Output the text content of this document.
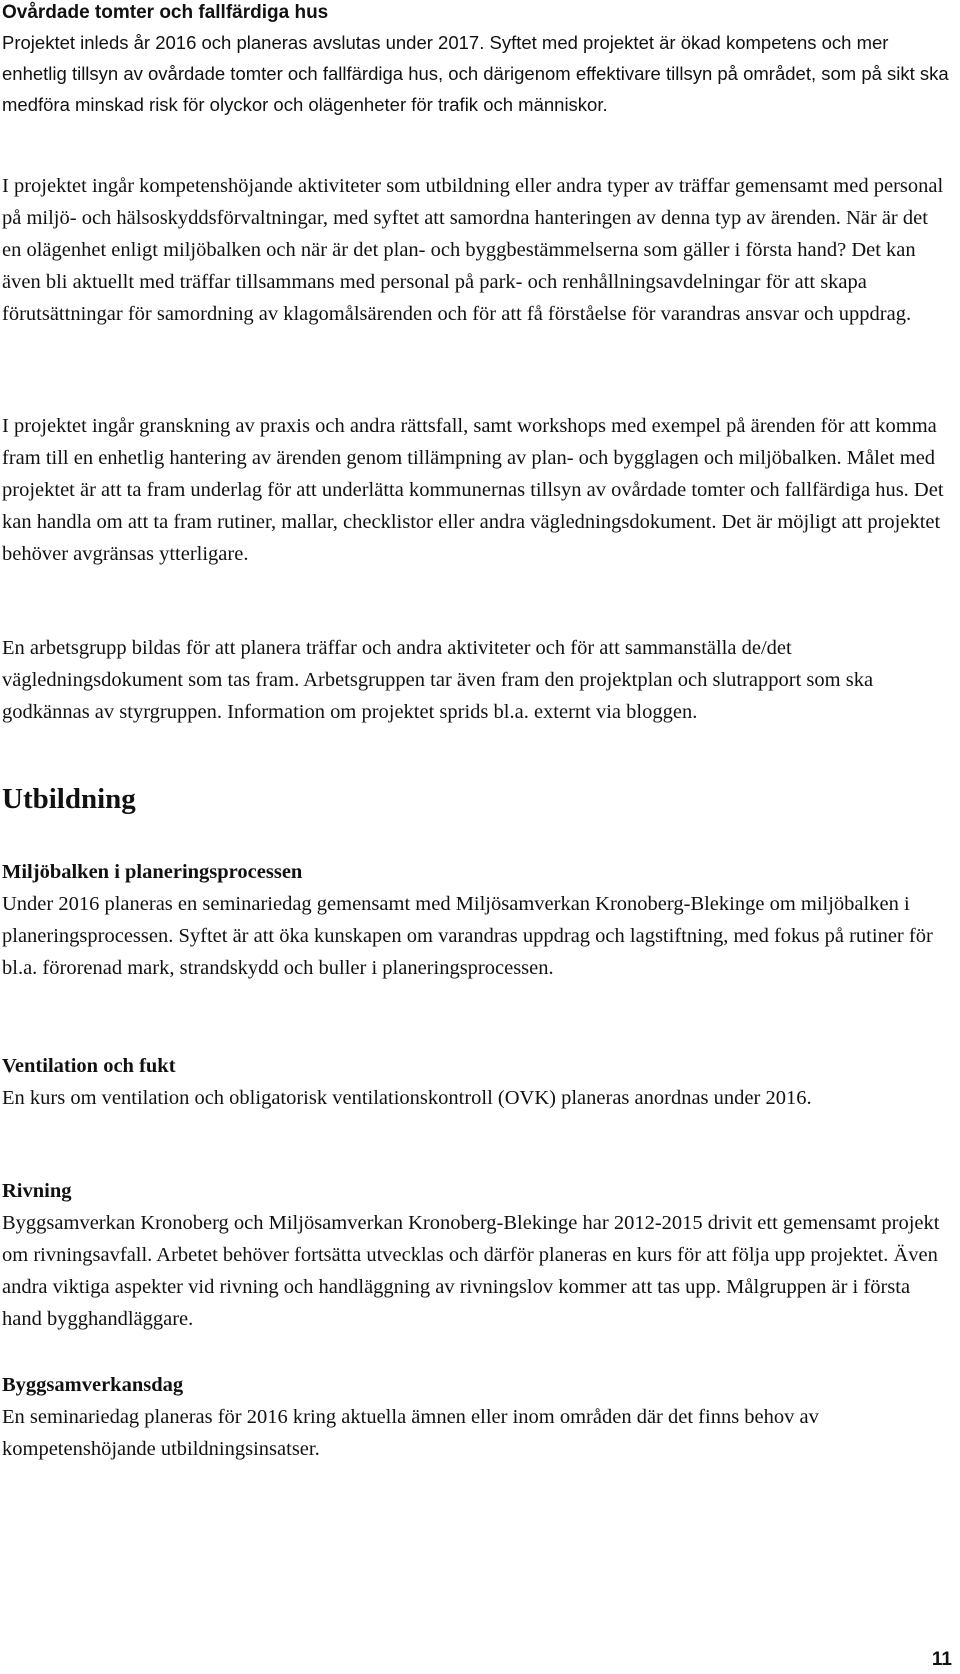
Ovårdade tomter och fallfärdiga hus

Projektet inleds år 2016 och planeras avslutas under 2017. Syftet med projektet är ökad kompetens och mer enhetlig tillsyn av ovårdade tomter och fallfärdiga hus, och därigenom effektivare tillsyn på området, som på sikt ska medföra minskad risk för olyckor och olägenheter för trafik och människor.

I projektet ingår kompetenshöjande aktiviteter som utbildning eller andra typer av träffar gemensamt med personal på miljö- och hälsoskyddsförvaltningar, med syftet att samordna hanteringen av denna typ av ärenden. När är det en olägenhet enligt miljöbalken och när är det plan- och byggbestämmelserna som gäller i första hand? Det kan även bli aktuellt med träffar tillsammans med personal på park- och renhållningsavdelningar för att skapa förutsättningar för samordning av klagomålsärenden och för att få förståelse för varandras ansvar och uppdrag.

I projektet ingår granskning av praxis och andra rättsfall, samt workshops med exempel på ärenden för att komma fram till en enhetlig hantering av ärenden genom tillämpning av plan- och bygglagen och miljöbalken. Målet med projektet är att ta fram underlag för att underlätta kommunernas tillsyn av ovårdade tomter och fallfärdiga hus. Det kan handla om att ta fram rutiner, mallar, checklistor eller andra vägledningsdokument. Det är möjligt att projektet behöver avgränsas ytterligare.

En arbetsgrupp bildas för att planera träffar och andra aktiviteter och för att sammanställa de/det vägledningsdokument som tas fram. Arbetsgruppen tar även fram den projektplan och slutrapport som ska godkännas av styrgruppen. Information om projektet sprids bl.a. externt via bloggen.

Utbildning
Miljöbalken i planeringsprocessen

Under 2016 planeras en seminariedag gemensamt med Miljösamverkan Kronoberg-Blekinge om miljöbalken i planeringsprocessen. Syftet är att öka kunskapen om varandras uppdrag och lagstiftning, med fokus på rutiner för bl.a. förorenad mark, strandskydd och buller i planeringsprocessen.

Ventilation och fukt

En kurs om ventilation och obligatorisk ventilationskontroll (OVK) planeras anordnas under 2016.

Rivning

Byggsamverkan Kronoberg och Miljösamverkan Kronoberg-Blekinge har 2012-2015 drivit ett gemensamt projekt om rivningsavfall. Arbetet behöver fortsätta utvecklas och därför planeras en kurs för att följa upp projektet. Även andra viktiga aspekter vid rivning och handläggning av rivningslov kommer att tas upp. Målgruppen är i första hand bygghandläggare.

Byggsamverkansdag

En seminariedag planeras för 2016 kring aktuella ämnen eller inom områden där det finns behov av kompetenshöjande utbildningsinsatser.

11
